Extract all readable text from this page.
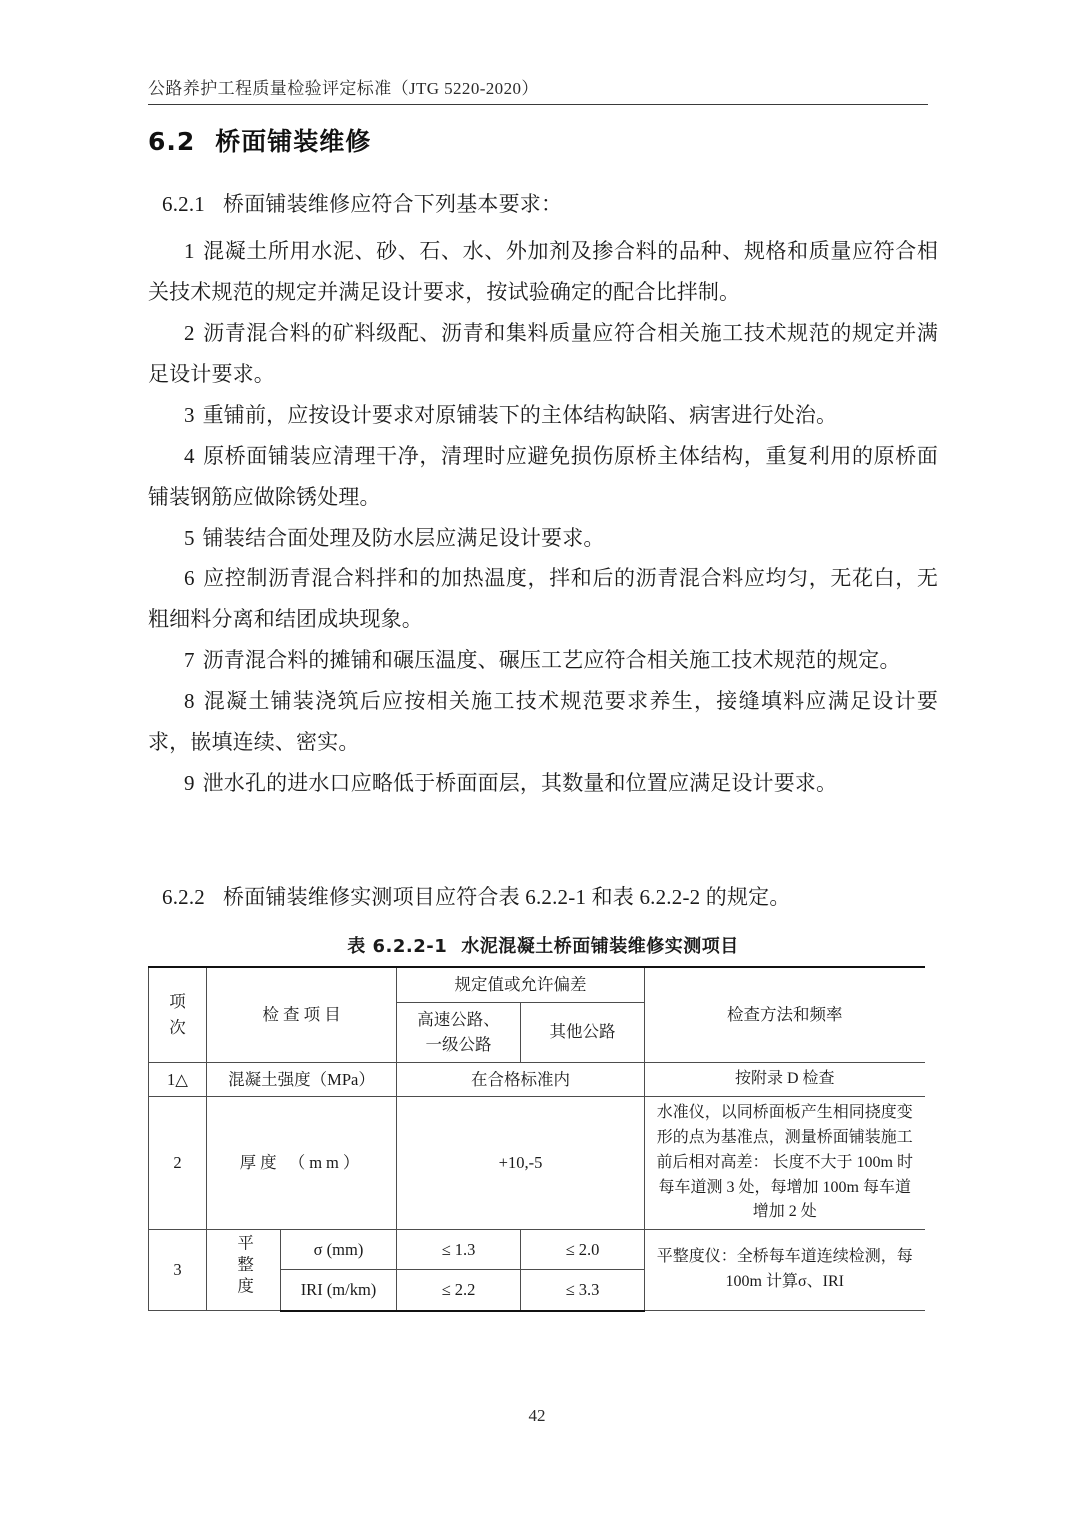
公路养护工程质量检验评定标准（JTG 5220-2020）
6.2 桥面铺装维修

6.2.1 桥面铺装维修应符合下列基本要求：

1 混凝土所用水泥、砂、石、水、外加剂及掺合料的品种、规格和质量应符合相关技术规范的规定并满足设计要求，按试验确定的配合比拌制。

2 沥青混合料的矿料级配、沥青和集料质量应符合相关施工技术规范的规定并满足设计要求。

3 重铺前，应按设计要求对原铺装下的主体结构缺陷、病害进行处治。

4 原桥面铺装应清理干净，清理时应避免损伤原桥主体结构，重复利用的原桥面铺装钢筋应做除锈处理。

5 铺装结合面处理及防水层应满足设计要求。

6 应控制沥青混合料拌和的加热温度，拌和后的沥青混合料应均匀，无花白，无粗细料分离和结团成块现象。

7 沥青混合料的摊铺和碾压温度、碾压工艺应符合相关施工技术规范的规定。

8 混凝土铺装浇筑后应按相关施工技术规范要求养生，接缝填料应满足设计要求，嵌填连续、密实。

9 泄水孔的进水口应略低于桥面面层，其数量和位置应满足设计要求。

6.2.2 桥面铺装维修实测项目应符合表 6.2.2-1 和表 6.2.2-2 的规定。

表 6.2.2-1 水泥混凝土桥面铺装维修实测项目
项
次	检 查 项 目		规定值或允许偏差		检查方法和频率
			高速公路、
一级公路	其他公路	
1△	混凝土强度（MPa）		在合格标准内		按附录 D 检查
2	厚度 （mm）		+10,-5		水准仪，以同桥面板产生相同挠度变形的点为基准点，测量桥面铺装施工前后相对高差： 长度不大于 100m 时每车道测 3 处，每增加 100m 每车道增加 2 处
3	平整度	σ (mm)	≤ 1.3	≤ 2.0	平整度仪：全桥每车道连续检测，每100m 计算σ、IRI
		IRI (m/km)	≤ 2.2	≤ 3.3	
42
